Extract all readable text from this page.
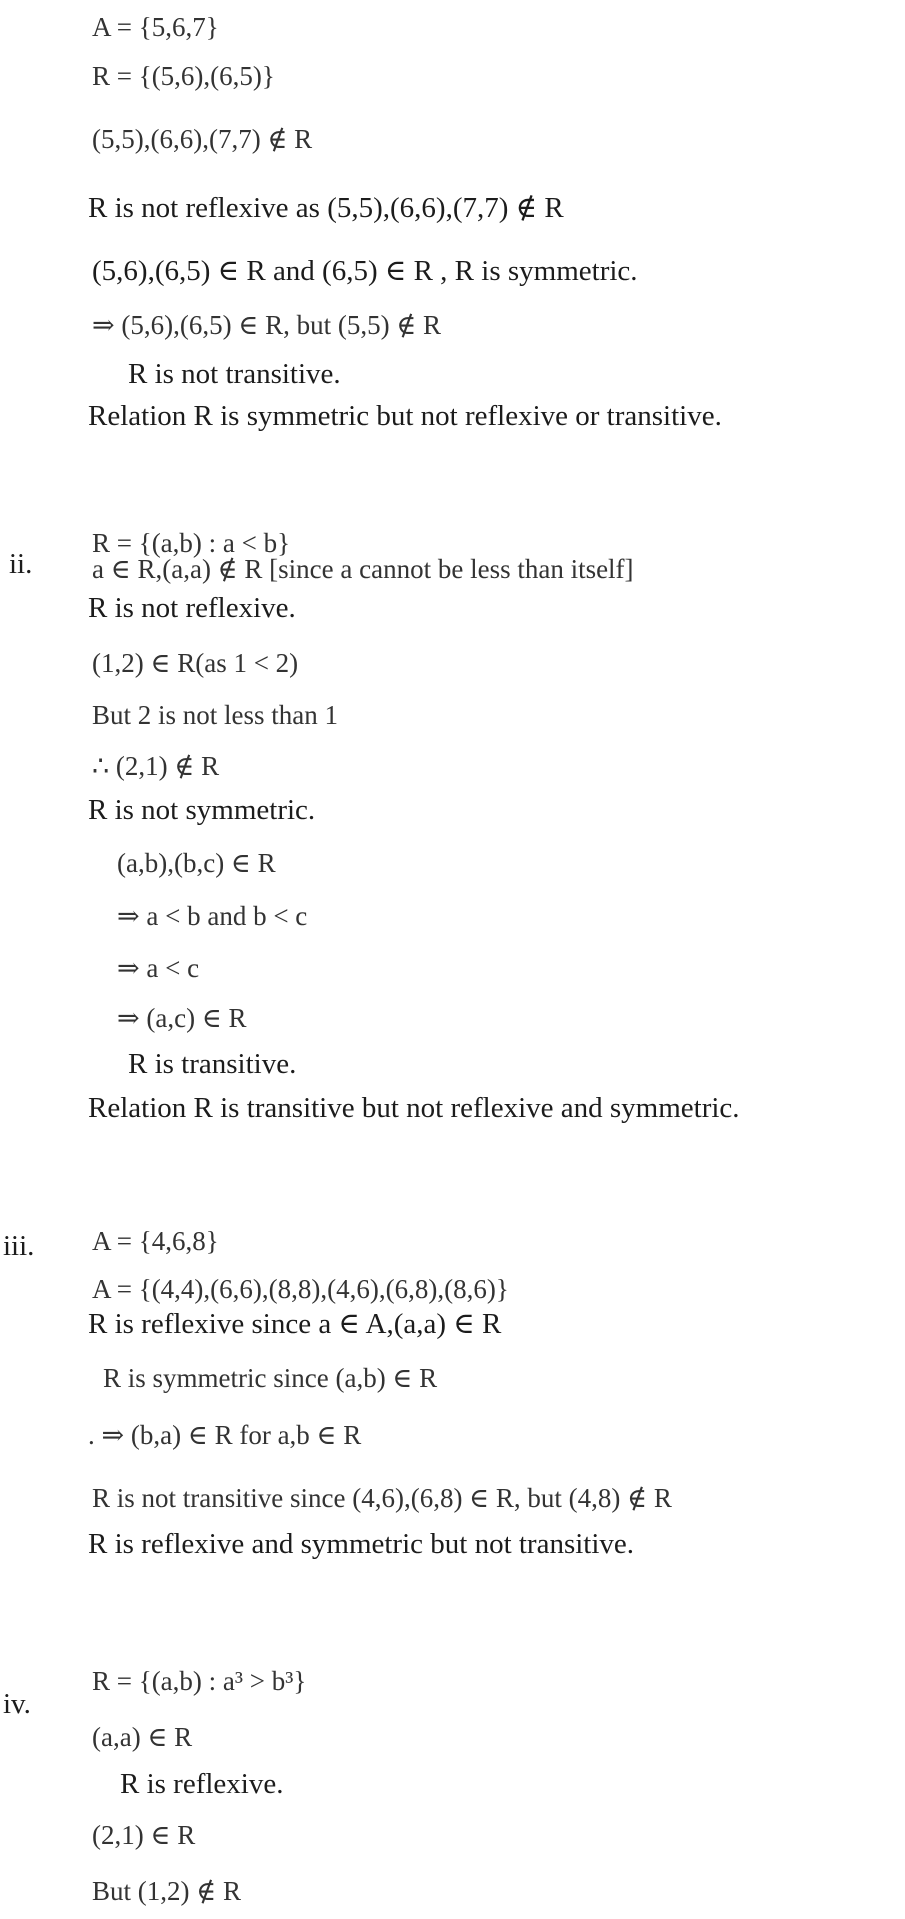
A = {5,6,7}
R = {(5,6),(6,5)}
(5,5),(6,6),(7,7) ∉ R
R is not reflexive as (5,5),(6,6),(7,7) ∉ R
(5,6),(6,5) ∈ R and (6,5) ∈ R , R is symmetric.
⇒ (5,6),(6,5) ∈ R, but (5,5) ∉ R
R is not transitive.
Relation R is symmetric but not reflexive or transitive.
ii.
R = {(a,b) : a < b}
a ∈ R,(a,a) ∉ R [since a cannot be less than itself]
R is not reflexive.
(1,2) ∈ R(as 1 < 2)
But 2 is not less than 1
∴ (2,1) ∉ R
R is not symmetric.
(a,b),(b,c) ∈ R
⇒ a < b and b < c
⇒ a < c
⇒ (a,c) ∈ R
R is transitive.
Relation R is transitive but not reflexive and symmetric.
iii. A = {4,6,8}
A = {(4,4),(6,6),(8,8),(4,6),(6,8),(8,6)}
R is reflexive since a ∈ A,(a,a) ∈ R
R is symmetric since (a,b) ∈ R
. ⇒ (b,a) ∈ R for a,b ∈ R
R is not transitive since (4,6),(6,8) ∈ R, but (4,8) ∉ R
R is reflexive and symmetric but not transitive.
iv.
R = {(a,b) : a³ > b³}
(a,a) ∈ R
R is reflexive.
(2,1) ∈ R
But (1,2) ∉ R
